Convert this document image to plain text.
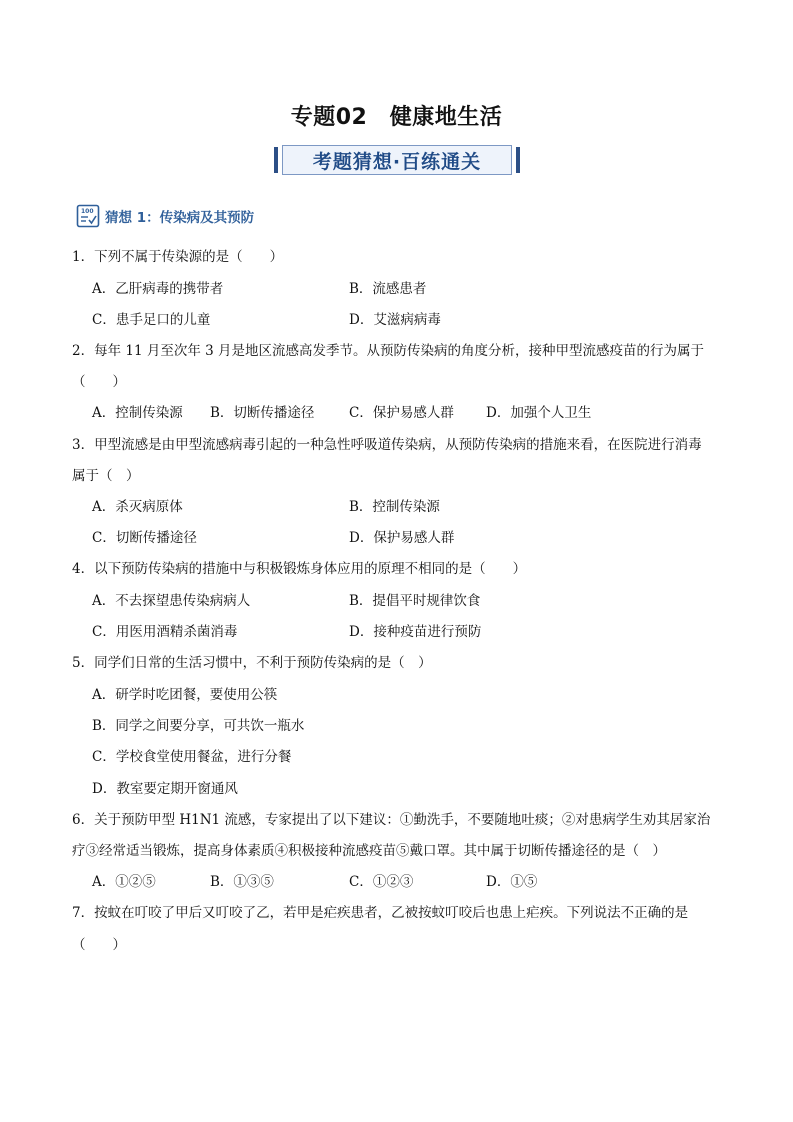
专题02　健康地生活
考题猜想·百练通关
100 猜想 1：传染病及其预防
1．下列不属于传染源的是（　　）
A．乙肝病毒的携带者	B．流感患者
C．患手足口的儿童	D．艾滋病病毒
2．每年 11 月至次年 3 月是地区流感高发季节。从预防传染病的角度分析，接种甲型流感疫苗的行为属于
（　　）
A．控制传染源 B．切断传播途径	C．保护易感人群 D．加强个人卫生
3．甲型流感是由甲型流感病毒引起的一种急性呼吸道传染病，从预防传染病的措施来看，在医院进行消毒
属于（　）
A．杀灭病原体	B．控制传染源
C．切断传播途径	D．保护易感人群
4．以下预防传染病的措施中与积极锻炼身体应用的原理不相同的是（　　）
A．不去探望患传染病病人	B．提倡平时规律饮食
C．用医用酒精杀菌消毒	D．接种疫苗进行预防
5．同学们日常的生活习惯中，不利于预防传染病的是（　）
A．研学时吃团餐，要使用公筷
B．同学之间要分享，可共饮一瓶水
C．学校食堂使用餐盆，进行分餐
D．教室要定期开窗通风
6．关于预防甲型 H1N1 流感，专家提出了以下建议：①勤洗手，不要随地吐痰；②对患病学生劝其居家治
疗③经常适当锻炼，提高身体素质④积极接种流感疫苗⑤戴口罩。其中属于切断传播途径的是（　）
A．①②⑤	B．①③⑤	C．①②③	D．①⑤
7．按蚊在叮咬了甲后又叮咬了乙，若甲是疟疾患者，乙被按蚊叮咬后也患上疟疾。下列说法不正确的是
（　　）
